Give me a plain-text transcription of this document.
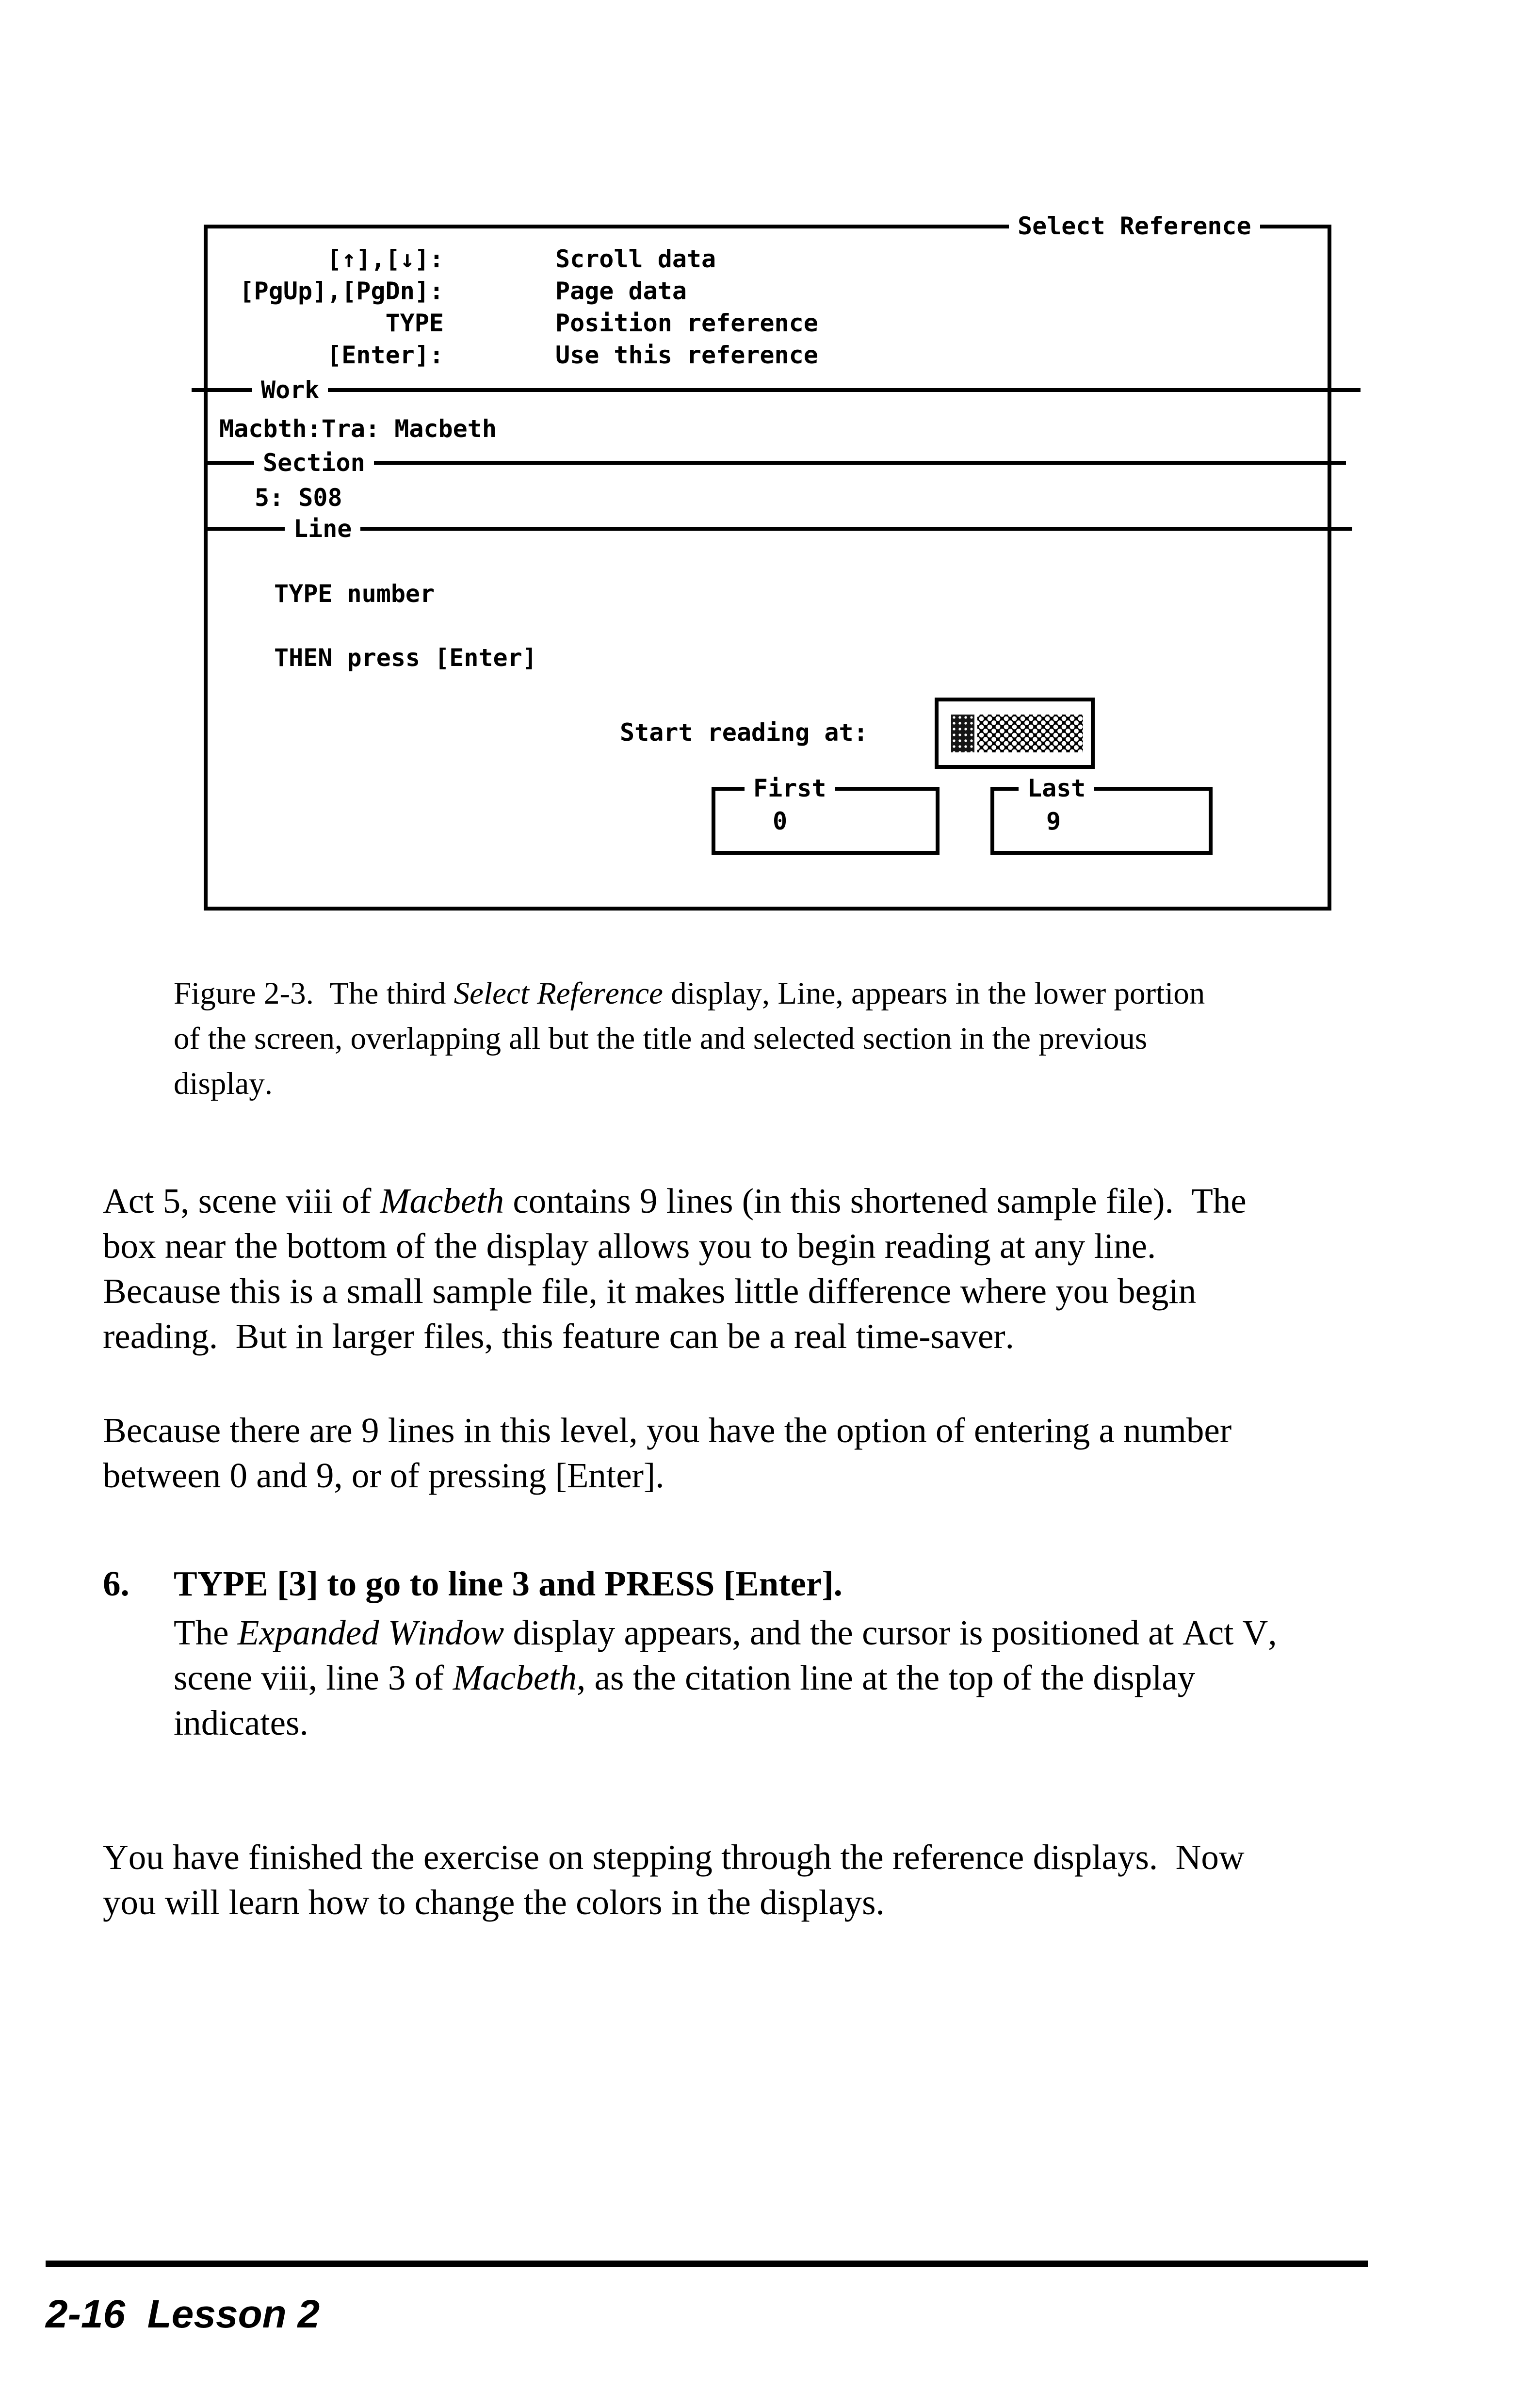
Select Reference
[↑],[↓]:	Scroll data
[PgUp],[PgDn]:	Page data
TYPE	Position reference
[Enter]:	Use this reference
Work
Macbth:Tra: Macbeth
Section
5: S08
Line
TYPE number
THEN press [Enter]
Start reading at:
First
0
Last
9
Figure 2-3.  The third Select Reference display, Line, appears in the lower portion
of the screen, overlapping all but the title and selected section in the previous
display.
Act 5, scene viii of Macbeth contains 9 lines (in this shortened sample file).  The
box near the bottom of the display allows you to begin reading at any line.
Because this is a small sample file, it makes little difference where you begin
reading.  But in larger files, this feature can be a real time-saver.
Because there are 9 lines in this level, you have the option of entering a number
between 0 and 9, or of pressing [Enter].
6. TYPE [3] to go to line 3 and PRESS [Enter].
The Expanded Window display appears, and the cursor is positioned at Act V,
scene viii, line 3 of Macbeth, as the citation line at the top of the display
indicates.
You have finished the exercise on stepping through the reference displays.  Now
you will learn how to change the colors in the displays.
2-16  Lesson 2
